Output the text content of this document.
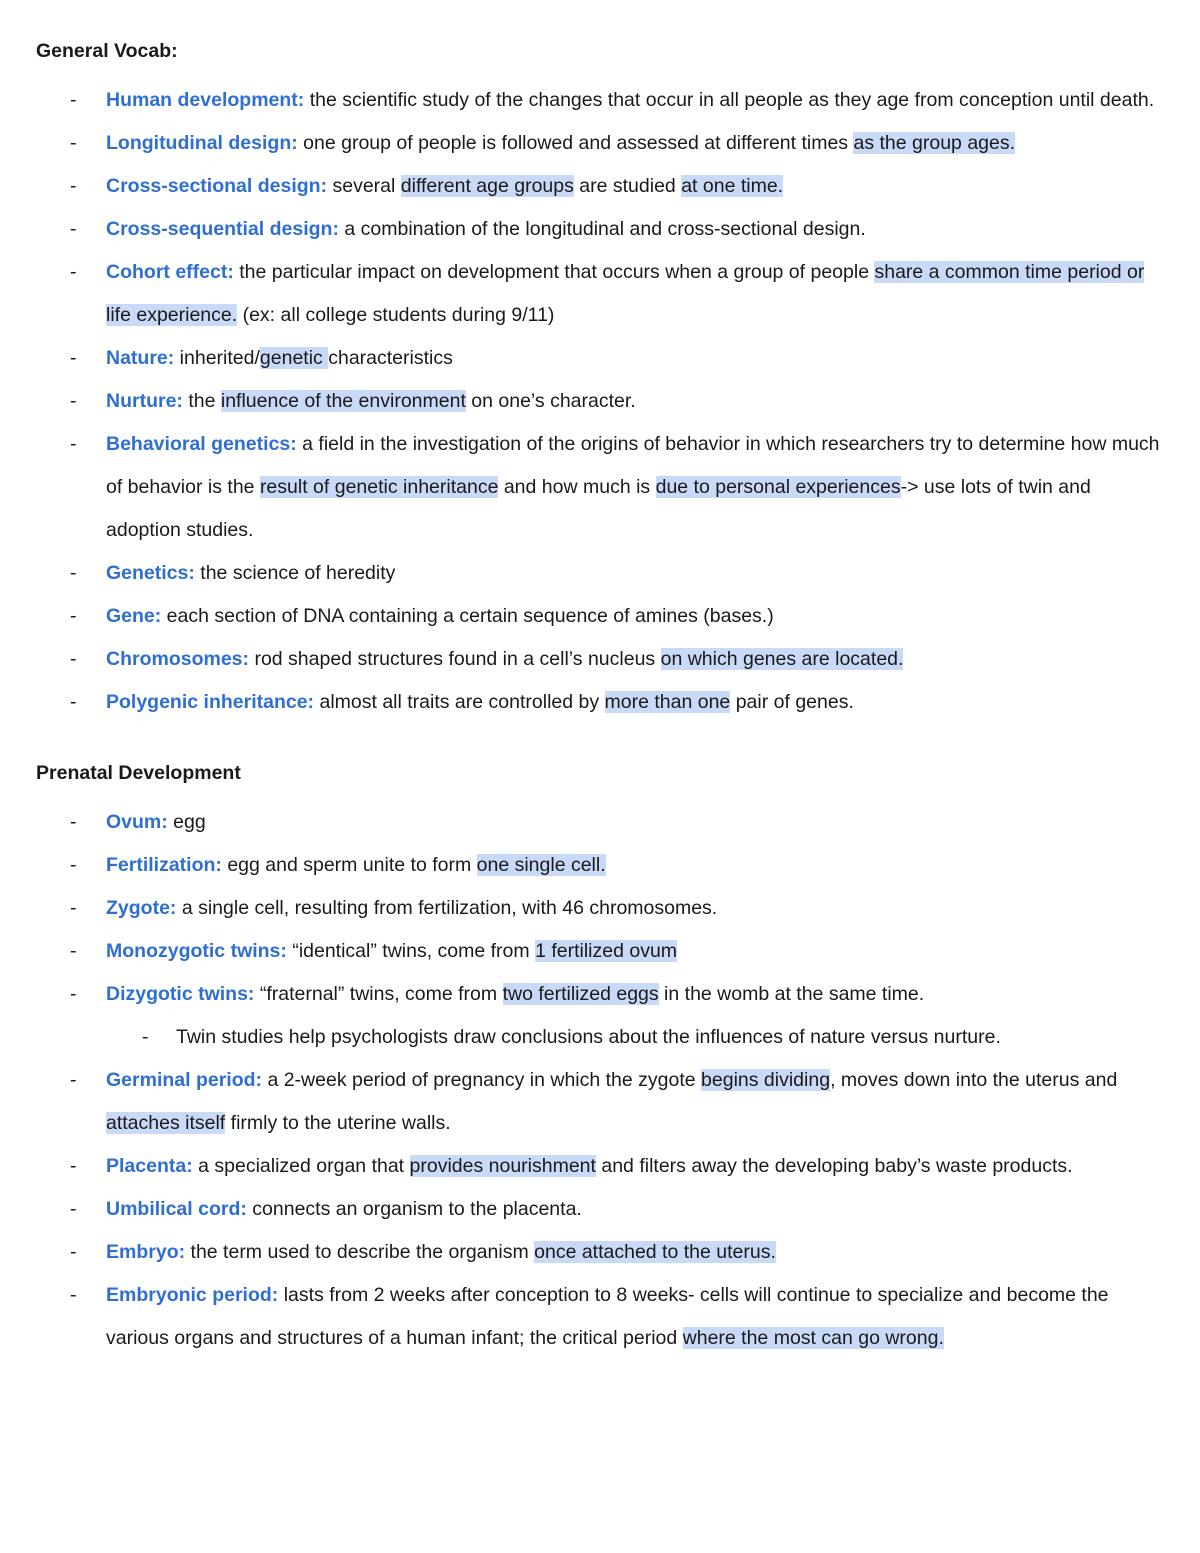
General Vocab:
-	Human development: the scientific study of the changes that occur in all people as they age from conception until death.
-	Longitudinal design: one group of people is followed and assessed at different times as the group ages.
-	Cross-sectional design: several different age groups are studied at one time.
-	Cross-sequential design: a combination of the longitudinal and cross-sectional design.
-	Cohort effect: the particular impact on development that occurs when a group of people share a common time period or life experience. (ex: all college students during 9/11)
-	Nature: inherited/genetic characteristics
-	Nurture: the influence of the environment on one’s character.
-	Behavioral genetics: a field in the investigation of the origins of behavior in which researchers try to determine how much of behavior is the result of genetic inheritance and how much is due to personal experiences-> use lots of twin and adoption studies.
-	Genetics: the science of heredity
-	Gene: each section of DNA containing a certain sequence of amines (bases.)
-	Chromosomes: rod shaped structures found in a cell’s nucleus on which genes are located.
-	Polygenic inheritance: almost all traits are controlled by more than one pair of genes.
Prenatal Development
-	Ovum: egg
-	Fertilization: egg and sperm unite to form one single cell.
-	Zygote: a single cell, resulting from fertilization, with 46 chromosomes.
-	Monozygotic twins: “identical” twins, come from 1 fertilized ovum
-	Dizygotic twins: “fraternal” twins, come from two fertilized eggs in the womb at the same time.
-	Twin studies help psychologists draw conclusions about the influences of nature versus nurture.
-	Germinal period: a 2-week period of pregnancy in which the zygote begins dividing, moves down into the uterus and attaches itself firmly to the uterine walls.
-	Placenta: a specialized organ that provides nourishment and filters away the developing baby’s waste products.
-	Umbilical cord: connects an organism to the placenta.
-	Embryo: the term used to describe the organism once attached to the uterus.
-	Embryonic period: lasts from 2 weeks after conception to 8 weeks- cells will continue to specialize and become the various organs and structures of a human infant; the critical period where the most can go wrong.
